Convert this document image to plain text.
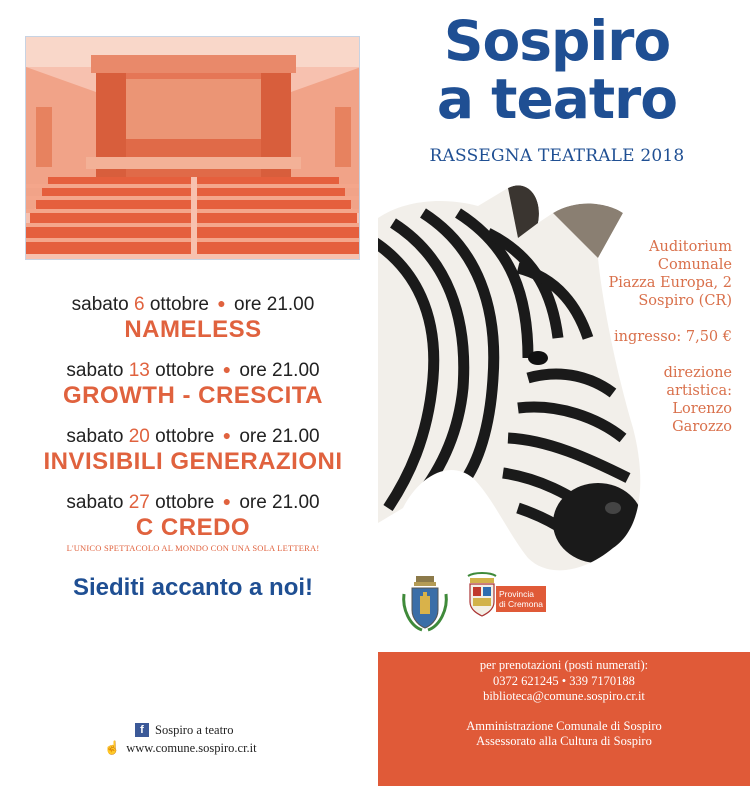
Sospiro
a teatro
RASSEGNA TEATRALE 2018
Auditorium
Comunale
Piazza Europa, 2
Sospiro (CR)
ingresso: 7,50 €
direzione
artistica:
Lorenzo
Garozzo
sabato 6 ottobre ● ore 21.00
NAMELESS
sabato 13 ottobre ● ore 21.00
GROWTH - CRESCITA
sabato 20 ottobre ● ore 21.00
INVISIBILI GENERAZIONI
sabato 27 ottobre ● ore 21.00
C CREDO
L'UNICO SPETTACOLO AL MONDO CON UNA SOLA LETTERA!
Siediti accanto a noi!	Provincia
di Cremona
f Sospiro a teatro
☝ www.comune.sospiro.cr.it
per prenotazioni (posti numerati):
0372 621245 • 339 7170188
biblioteca@comune.sospiro.cr.it
Amministrazione Comunale di Sospiro
Assessorato alla Cultura di Sospiro
